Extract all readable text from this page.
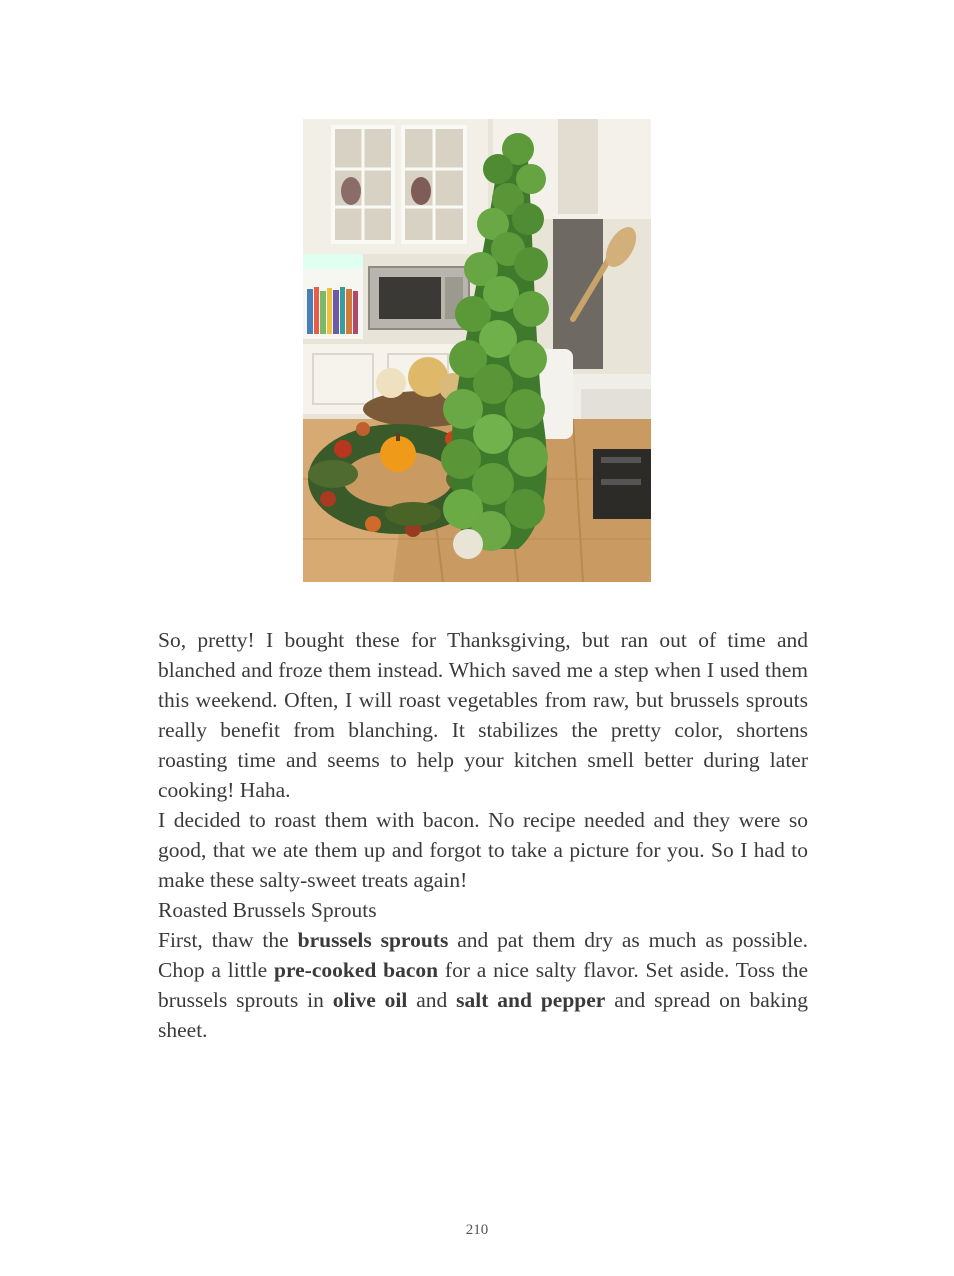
So, pretty! I bought these for Thanksgiving, but ran out of time and blanched and froze them instead. Which saved me a step when I used them this weekend. Often, I will roast vegetables from raw, but brussels sprouts really benefit from blanching. It stabilizes the pretty color, shortens roasting time and seems to help your kitchen smell better during later cooking! Haha.

I decided to roast them with bacon. No recipe needed and they were so good, that we ate them up and forgot to take a picture for you. So I had to make these salty-sweet treats again!

Roasted Brussels Sprouts

First, thaw the brussels sprouts and pat them dry as much as possible. Chop a little pre-cooked bacon for a nice salty flavor. Set aside. Toss the brussels sprouts in olive oil and salt and pepper and spread on baking sheet.

210
